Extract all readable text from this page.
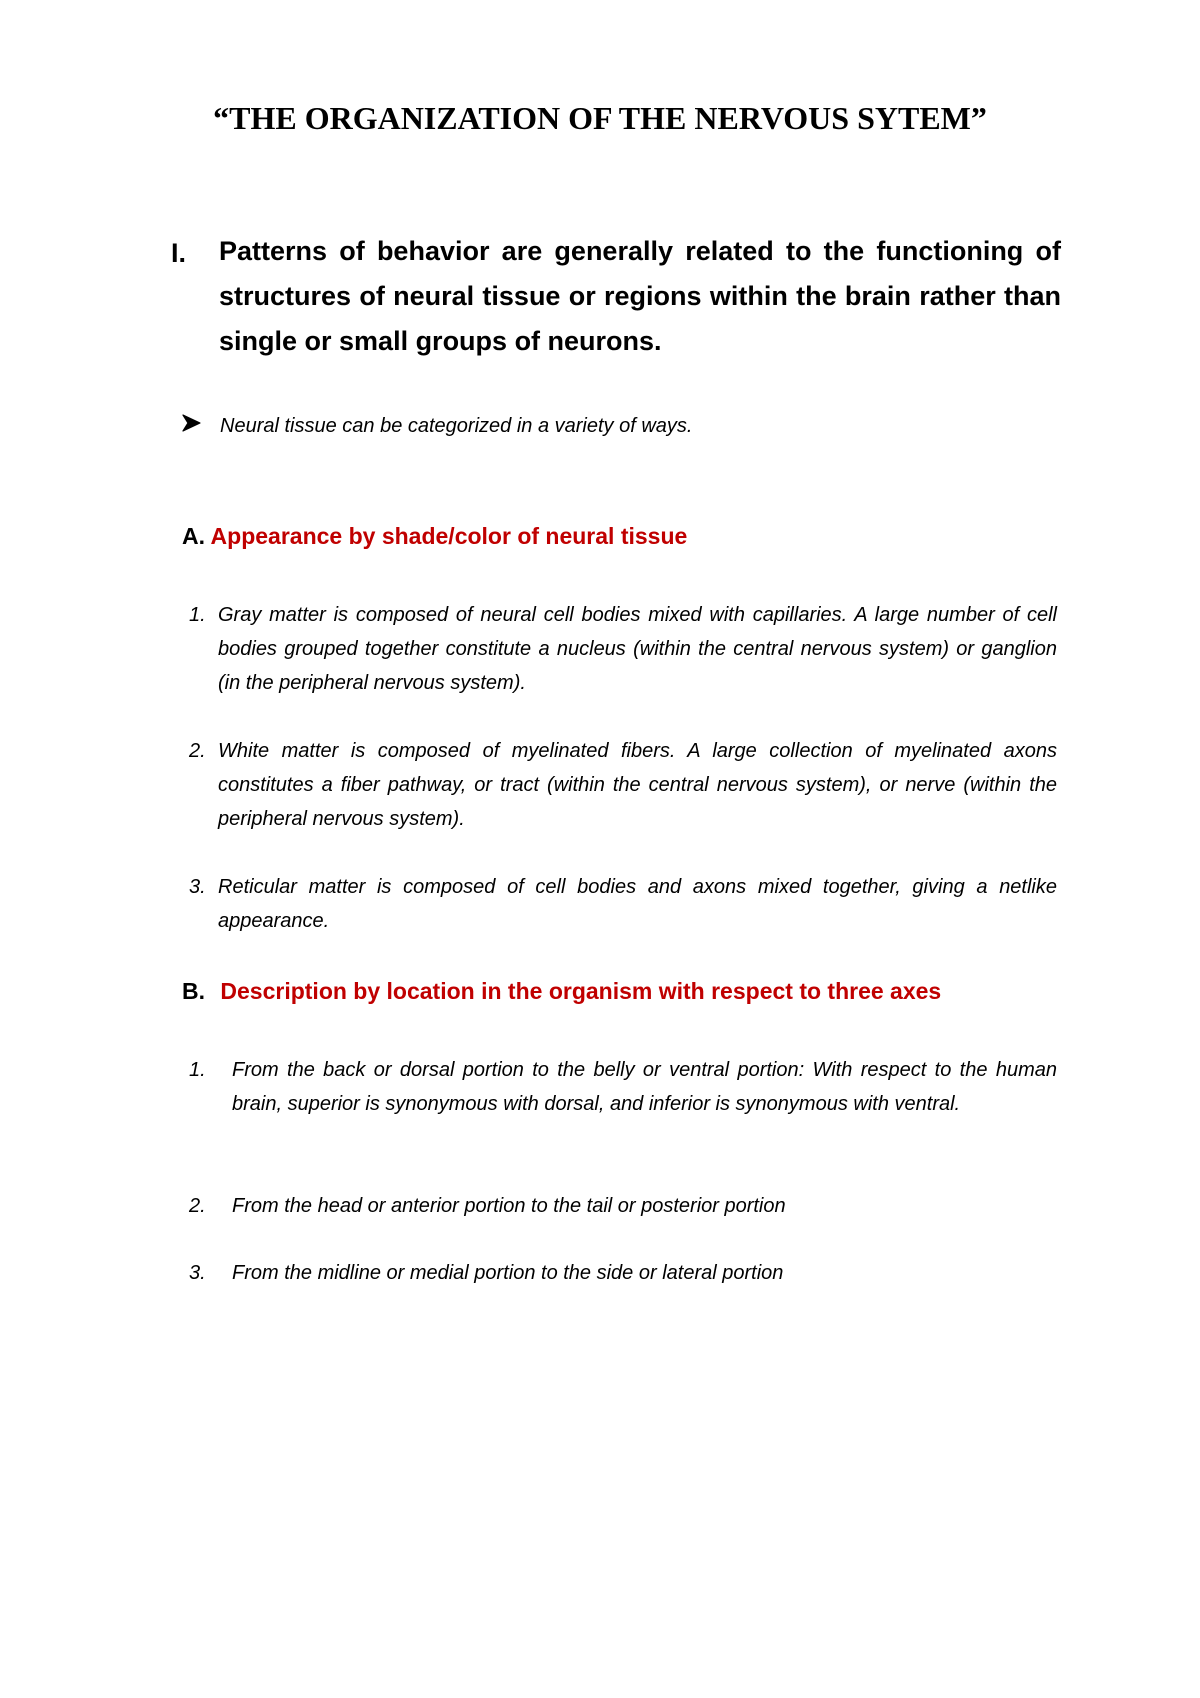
“THE ORGANIZATION OF THE NERVOUS SYTEM”
I. Patterns of behavior are generally related to the functioning of structures of neural tissue or regions within the brain rather than single or small groups of neurons.

Neural tissue can be categorized in a variety of ways.
A. Appearance by shade/color of neural tissue
1. Gray matter is composed of neural cell bodies mixed with capillaries. A large number of cell bodies grouped together constitute a nucleus (within the central nervous system) or ganglion (in the peripheral nervous system).

2. White matter is composed of myelinated fibers. A large collection of myelinated axons constitutes a fiber pathway, or tract (within the central nervous system), or nerve (within the peripheral nervous system).

3. Reticular matter is composed of cell bodies and axons mixed together, giving a netlike appearance.

B. Description by location in the organism with respect to three axes
1. From the back or dorsal portion to the belly or ventral portion: With respect to the human brain, superior is synonymous with dorsal, and inferior is synonymous with ventral.

2. From the head or anterior portion to the tail or posterior portion

3. From the midline or medial portion to the side or lateral portion
